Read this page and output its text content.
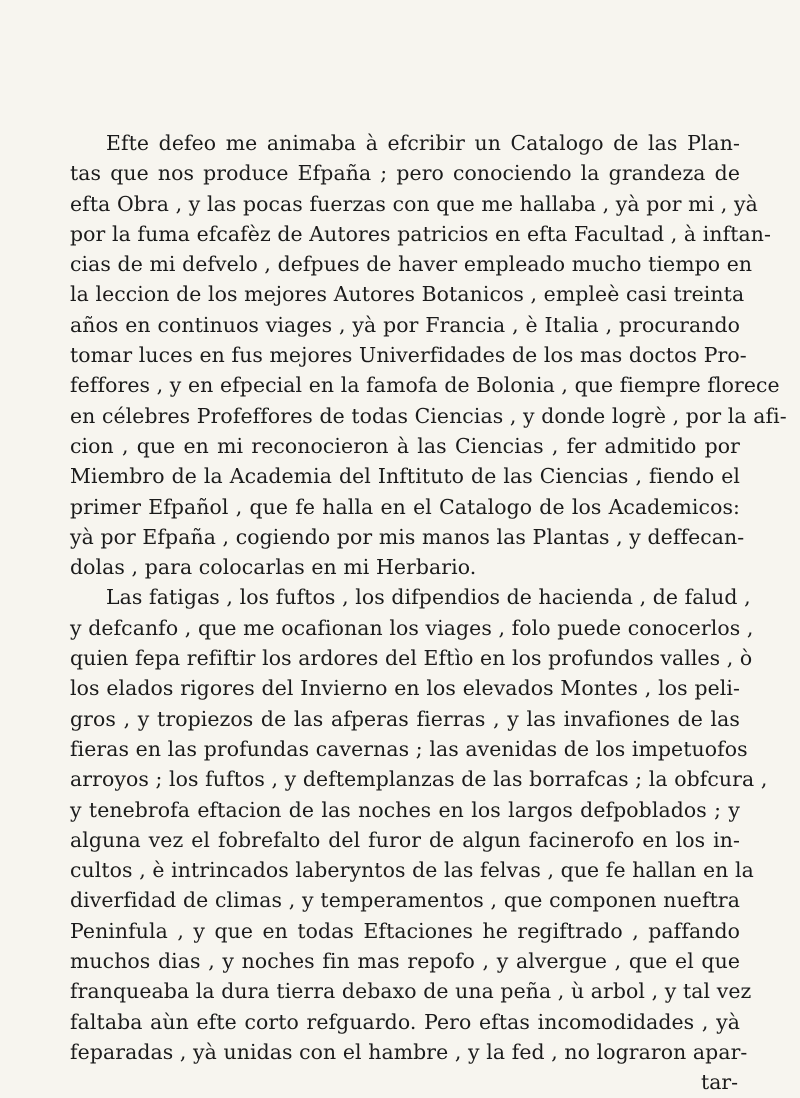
Efte defeo me animaba à efcribir un Catalogo de las Plan-
tas que nos produce Efpaña ; pero conociendo la grandeza de
efta Obra , y las pocas fuerzas con que me hallaba , yà por mi , yà
por la fuma efcafèz de Autores patricios en efta Facultad , à inftan-
cias de mi defvelo , defpues de haver empleado mucho tiempo en
la leccion de los mejores Autores Botanicos , empleè casi treinta
años en continuos viages , yà por Francia , è Italia , procurando
tomar luces en fus mejores Univerfidades de los mas doctos Pro-
feffores , y en efpecial en la famofa de Bolonia , que fiempre florece
en célebres Profeffores de todas Ciencias , y donde logrè , por la afi-
cion , que en mi reconocieron à las Ciencias , fer admitido por
Miembro de la Academia del Inftituto de las Ciencias , fiendo el
primer Efpañol , que fe halla en el Catalogo de los Academicos:
yà por Efpaña , cogiendo por mis manos las Plantas , y deffecan-
dolas , para colocarlas en mi Herbario.
Las fatigas , los fuftos , los difpendios de hacienda , de falud ,
y defcanfo , que me ocafionan los viages , folo puede conocerlos ,
quien fepa refiftir los ardores del Eftìo en los profundos valles , ò
los elados rigores del Invierno en los elevados Montes , los peli-
gros , y tropiezos de las afperas fierras , y las invafiones de las
fieras en las profundas cavernas ; las avenidas de los impetuofos
arroyos ; los fuftos , y deftemplanzas de las borrafcas ; la obfcura ,
y tenebrofa eftacion de las noches en los largos defpoblados ; y
alguna vez el fobrefalto del furor de algun facinerofo en los in-
cultos , è intrincados laberyntos de las felvas , que fe hallan en la
diverfidad de climas , y temperamentos , que componen nueftra
Peninfula , y que en todas Eftaciones he regiftrado , paffando
muchos dias , y noches fin mas repofo , y alvergue , que el que
franqueaba la dura tierra debaxo de una peña , ù arbol , y tal vez
faltaba aùn efte corto refguardo. Pero eftas incomodidades , yà
feparadas , yà unidas con el hambre , y la fed , no lograron apar-
tar-
